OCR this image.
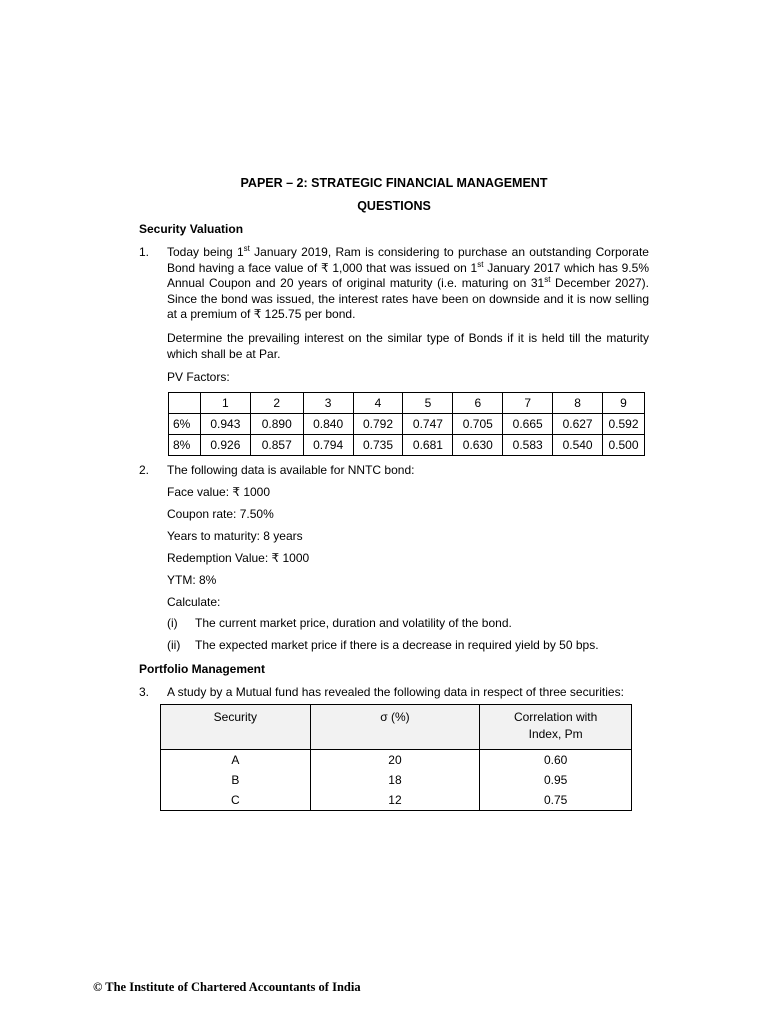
PAPER – 2: STRATEGIC FINANCIAL MANAGEMENT
QUESTIONS
Security Valuation
1. Today being 1st January 2019, Ram is considering to purchase an outstanding Corporate Bond having a face value of ₹ 1,000 that was issued on 1st January 2017 which has 9.5% Annual Coupon and 20 years of original maturity (i.e. maturing on 31st December 2027). Since the bond was issued, the interest rates have been on downside and it is now selling at a premium of ₹ 125.75 per bond.
Determine the prevailing interest on the similar type of Bonds if it is held till the maturity which shall be at Par.
PV Factors:
	1	2	3	4	5	6	7	8	9
6%	0.943	0.890	0.840	0.792	0.747	0.705	0.665	0.627	0.592
8%	0.926	0.857	0.794	0.735	0.681	0.630	0.583	0.540	0.500
2. The following data is available for NNTC bond:
Face value: ₹ 1000
Coupon rate: 7.50%
Years to maturity: 8 years
Redemption Value: ₹ 1000
YTM: 8%
Calculate:
(i) The current market price, duration and volatility of the bond.
(ii) The expected market price if there is a decrease in required yield by 50 bps.
Portfolio Management
3. A study by a Mutual fund has revealed the following data in respect of three securities:
Security	σ (%)	Correlation with
Index, Pm
A	20	0.60
B	18	0.95
C	12	0.75
© The Institute of Chartered Accountants of India
